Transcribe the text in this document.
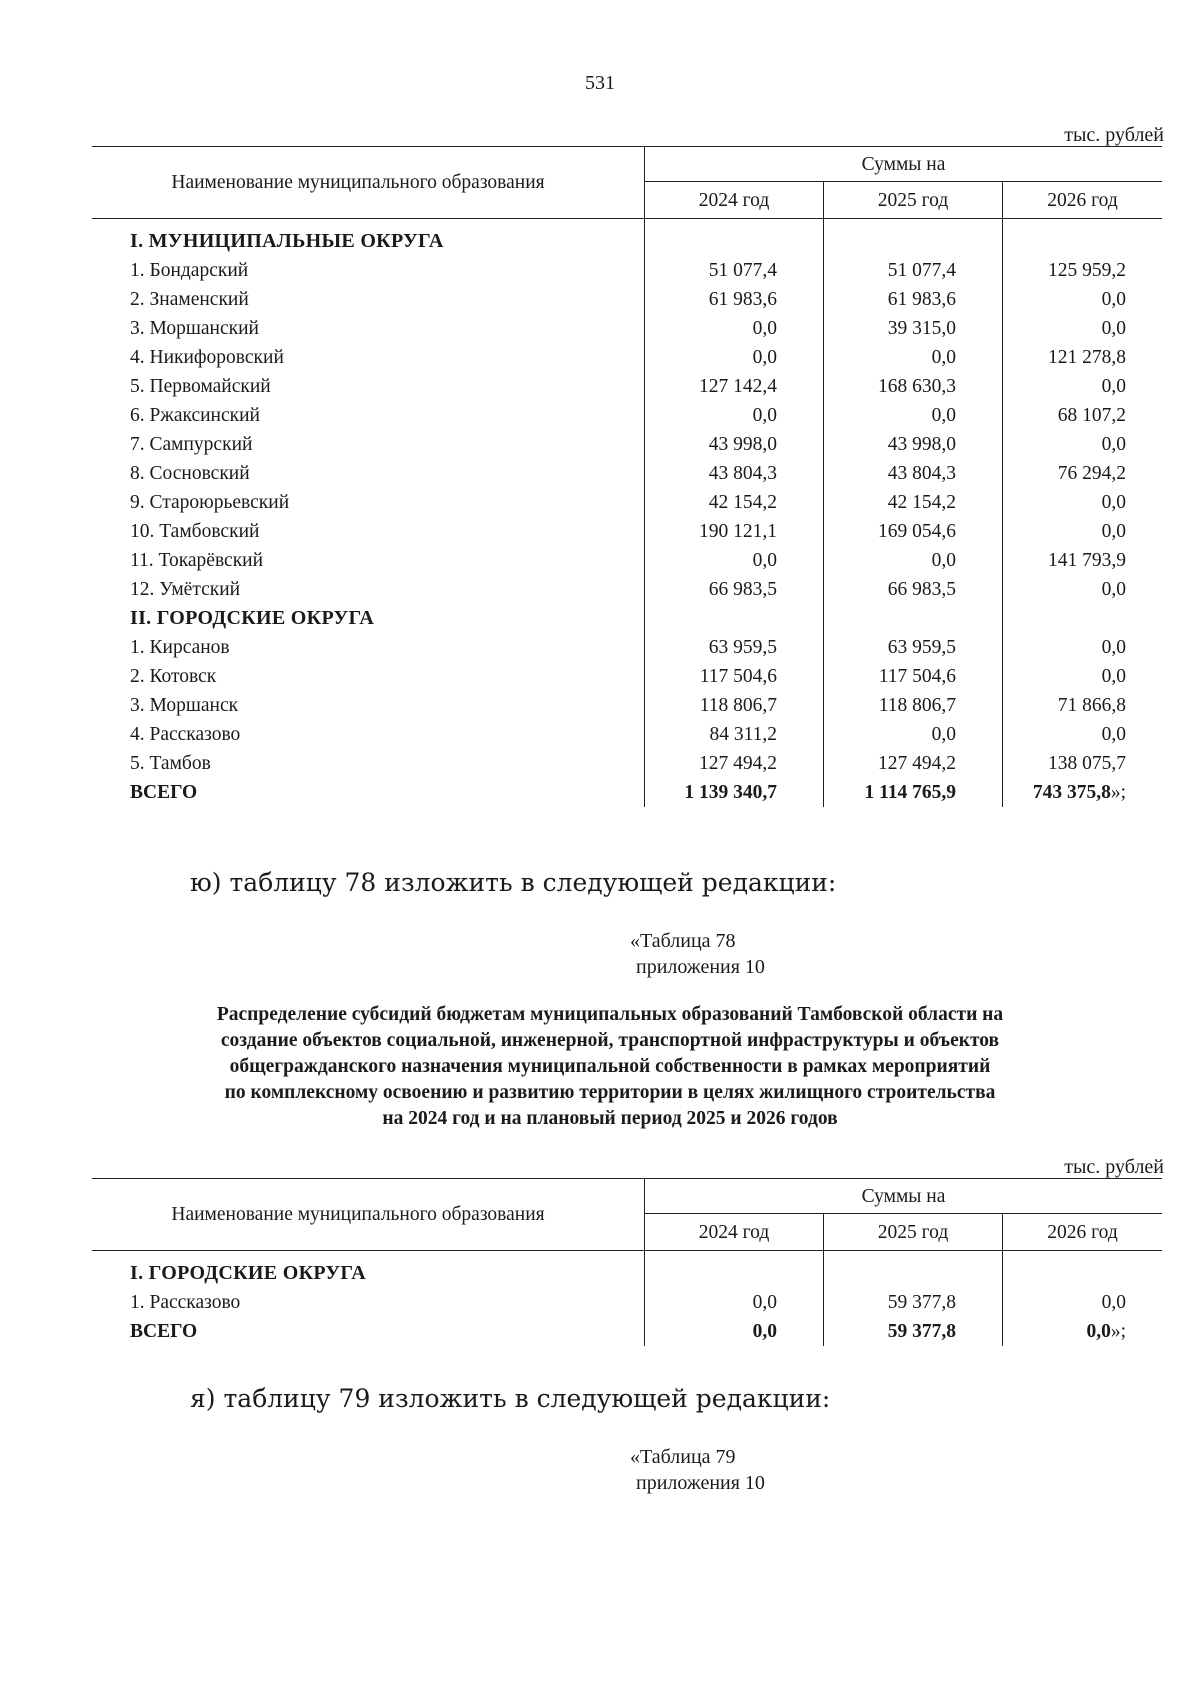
531
тыс. рублей
Наименование муниципального образования	Суммы на		
	2024 год	2025 год	2026 год
I. МУНИЦИПАЛЬНЫЕ ОКРУГА			
1. Бондарский	51 077,4	51 077,4	125 959,2
2. Знаменский	61 983,6	61 983,6	0,0
3. Моршанский	0,0	39 315,0	0,0
4. Никифоровский	0,0	0,0	121 278,8
5. Первомайский	127 142,4	168 630,3	0,0
6. Ржаксинский	0,0	0,0	68 107,2
7. Сампурский	43 998,0	43 998,0	0,0
8. Сосновский	43 804,3	43 804,3	76 294,2
9. Староюрьевский	42 154,2	42 154,2	0,0
10. Тамбовский	190 121,1	169 054,6	0,0
11. Токарёвский	0,0	0,0	141 793,9
12. Умётский	66 983,5	66 983,5	0,0
II. ГОРОДСКИЕ ОКРУГА			
1. Кирсанов	63 959,5	63 959,5	0,0
2. Котовск	117 504,6	117 504,6	0,0
3. Моршанск	118 806,7	118 806,7	71 866,8
4. Рассказово	84 311,2	0,0	0,0
5. Тамбов	127 494,2	127 494,2	138 075,7
ВСЕГО	1 139 340,7	1 114 765,9	743 375,8»;
ю) таблицу 78 изложить в следующей редакции:
«Таблица 78
приложения 10
Распределение субсидий бюджетам муниципальных образований Тамбовской области на
создание объектов социальной, инженерной, транспортной инфраструктуры и объектов
общегражданского назначения муниципальной собственности в рамках мероприятий
по комплексному освоению и развитию территории в целях жилищного строительства
на 2024 год и на плановый период 2025 и 2026 годов
тыс. рублей
Наименование муниципального образования	Суммы на		
	2024 год	2025 год	2026 год
I. ГОРОДСКИЕ ОКРУГА			
1. Рассказово	0,0	59 377,8	0,0
ВСЕГО	0,0	59 377,8	0,0»;
я) таблицу 79 изложить в следующей редакции:
«Таблица 79
приложения 10
